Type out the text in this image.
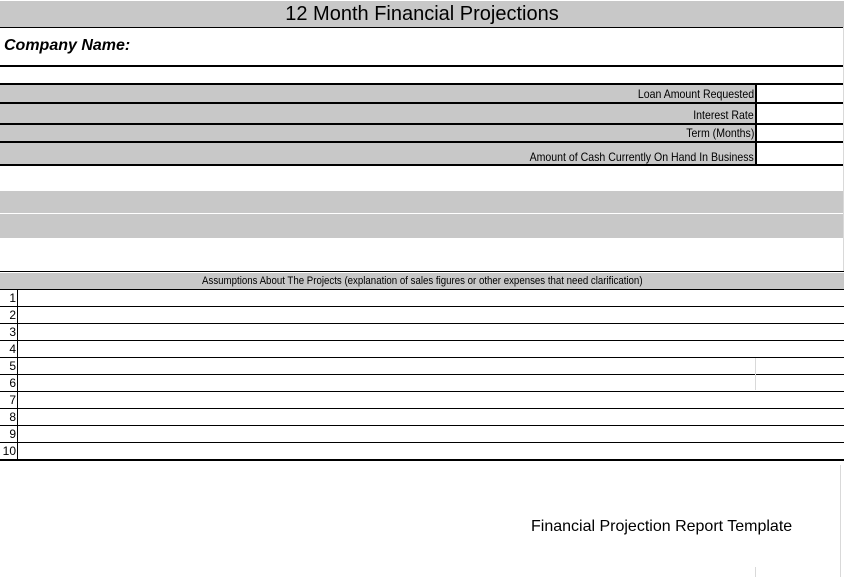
12 Month Financial Projections
Company Name:
Loan Amount Requested
Interest Rate
Term (Months)
Amount of Cash Currently On Hand In Business
Assumptions About The Projects (explanation of sales figures or other expenses that need clarification)
1
2
3
4
5
6
7
8
9
10
Financial Projection Report Template
